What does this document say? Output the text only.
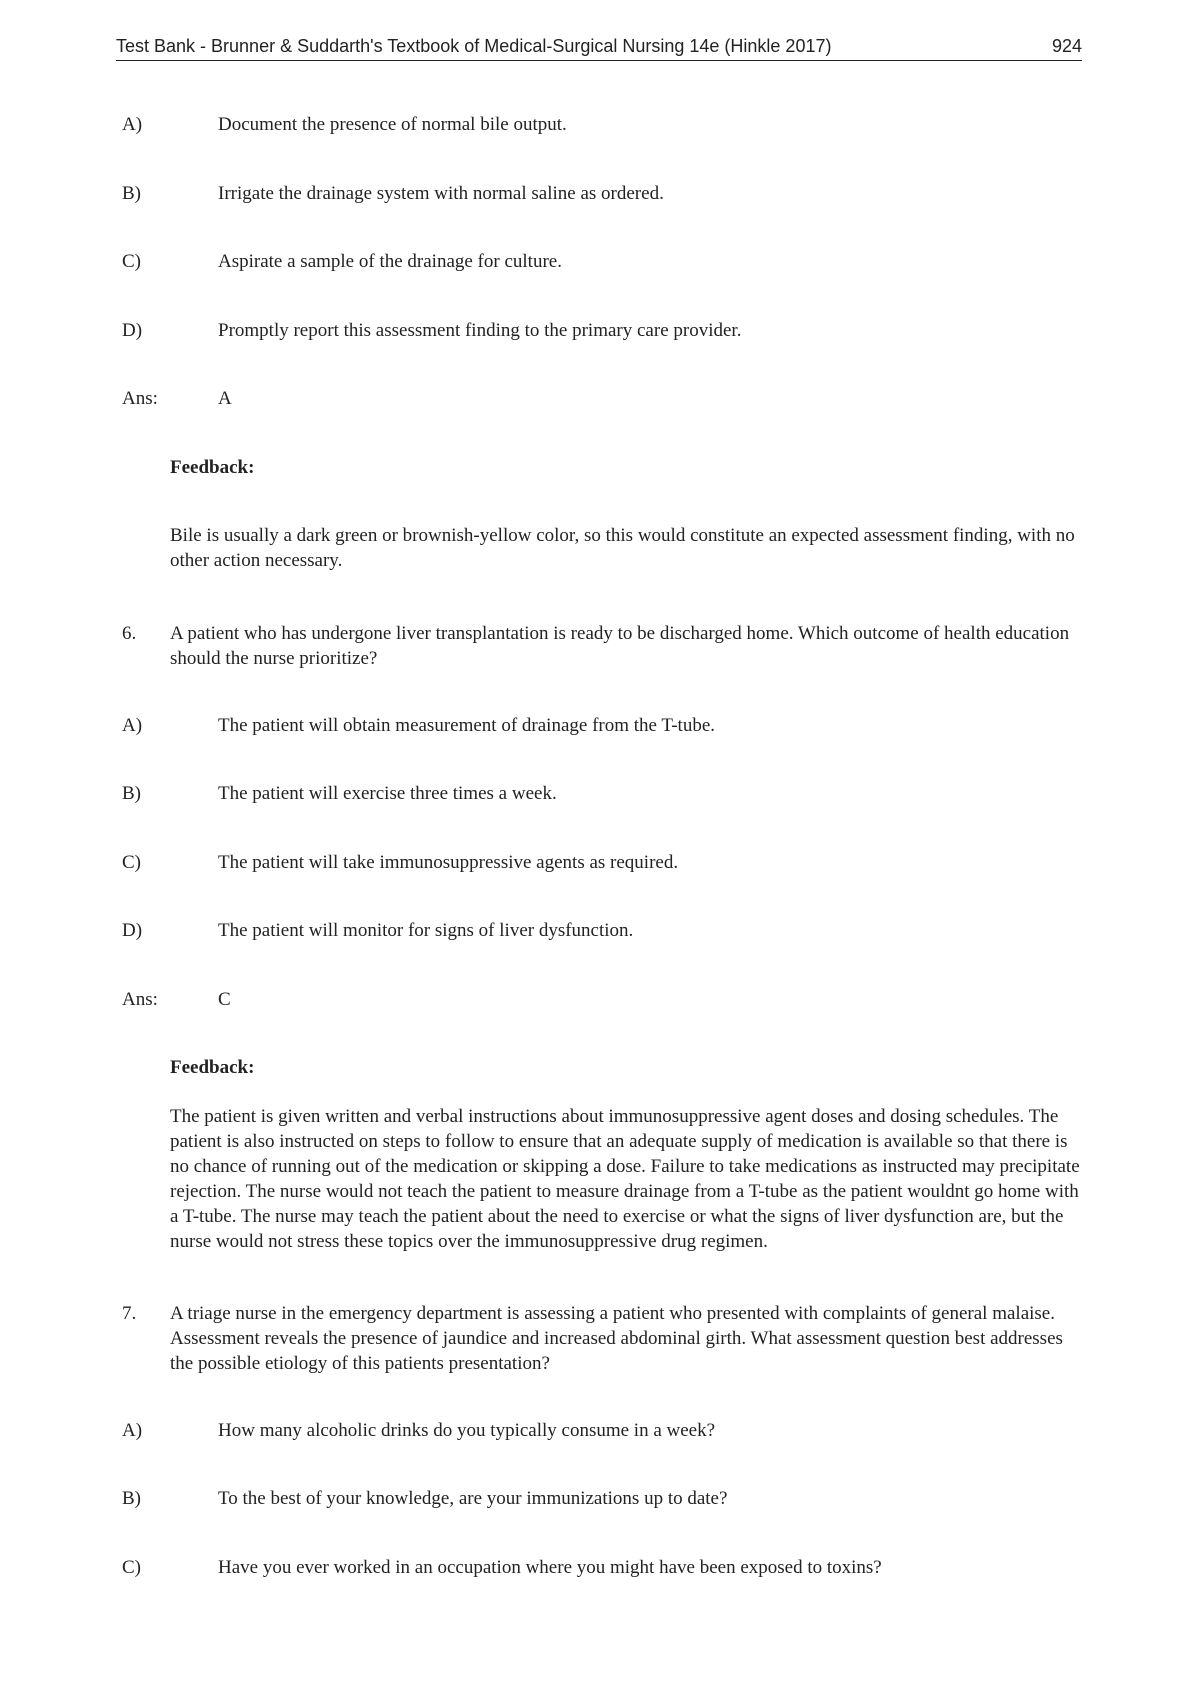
Test Bank - Brunner & Suddarth's Textbook of Medical-Surgical Nursing 14e (Hinkle 2017)	924
A)	Document the presence of normal bile output.
B)	Irrigate the drainage system with normal saline as ordered.
C)	Aspirate a sample of the drainage for culture.
D)	Promptly report this assessment finding to the primary care provider.
Ans:	A
Feedback:
Bile is usually a dark green or brownish-yellow color, so this would constitute an expected assessment finding, with no other action necessary.
6. A patient who has undergone liver transplantation is ready to be discharged home. Which outcome of health education should the nurse prioritize?
A)	The patient will obtain measurement of drainage from the T-tube.
B)	The patient will exercise three times a week.
C)	The patient will take immunosuppressive agents as required.
D)	The patient will monitor for signs of liver dysfunction.
Ans:	C
Feedback:
The patient is given written and verbal instructions about immunosuppressive agent doses and dosing schedules. The patient is also instructed on steps to follow to ensure that an adequate supply of medication is available so that there is no chance of running out of the medication or skipping a dose. Failure to take medications as instructed may precipitate rejection. The nurse would not teach the patient to measure drainage from a T-tube as the patient wouldnt go home with a T-tube. The nurse may teach the patient about the need to exercise or what the signs of liver dysfunction are, but the nurse would not stress these topics over the immunosuppressive drug regimen.
7. A triage nurse in the emergency department is assessing a patient who presented with complaints of general malaise. Assessment reveals the presence of jaundice and increased abdominal girth. What assessment question best addresses the possible etiology of this patients presentation?
A)	How many alcoholic drinks do you typically consume in a week?
B)	To the best of your knowledge, are your immunizations up to date?
C)	Have you ever worked in an occupation where you might have been exposed to toxins?
